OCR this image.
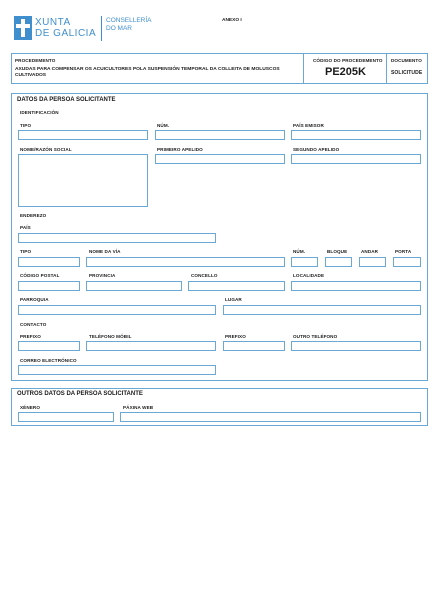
XUNTA
DE GALICIA
CONSELLERÍA
DO MAR
ANEXO I
PROCEDEMENTO
AXUDAS PARA COMPENSAR OS ACUICULTORES POLA SUSPENSIÓN TEMPORAL DA COLLEITA DE MOLUSCOS CULTIVADOS
CÓDIGO DO PROCEDEMENTO
PE205K
DOCUMENTO
SOLICITUDE
DATOS DA PERSOA SOLICITANTE
IDENTIFICACIÓN
TIPO	NÚM.	PAÍS EMISOR
NOME/RAZÓN SOCIAL	PRIMEIRO APELIDO	SEGUNDO APELIDO
ENDEREZO
PAÍS
TIPO	NOME DA VÍA	NÚM.	BLOQUE	ANDAR	PORTA
CÓDIGO POSTAL	PROVINCIA	CONCELLO	LOCALIDADE
PARROQUIA	LUGAR
CONTACTO
PREFIXO	TELÉFONO MÓBIL	PREFIXO	OUTRO TELÉFONO
CORREO ELECTRÓNICO
OUTROS DATOS DA PERSOA SOLICITANTE
XÉNERO	PÁXINA WEB
